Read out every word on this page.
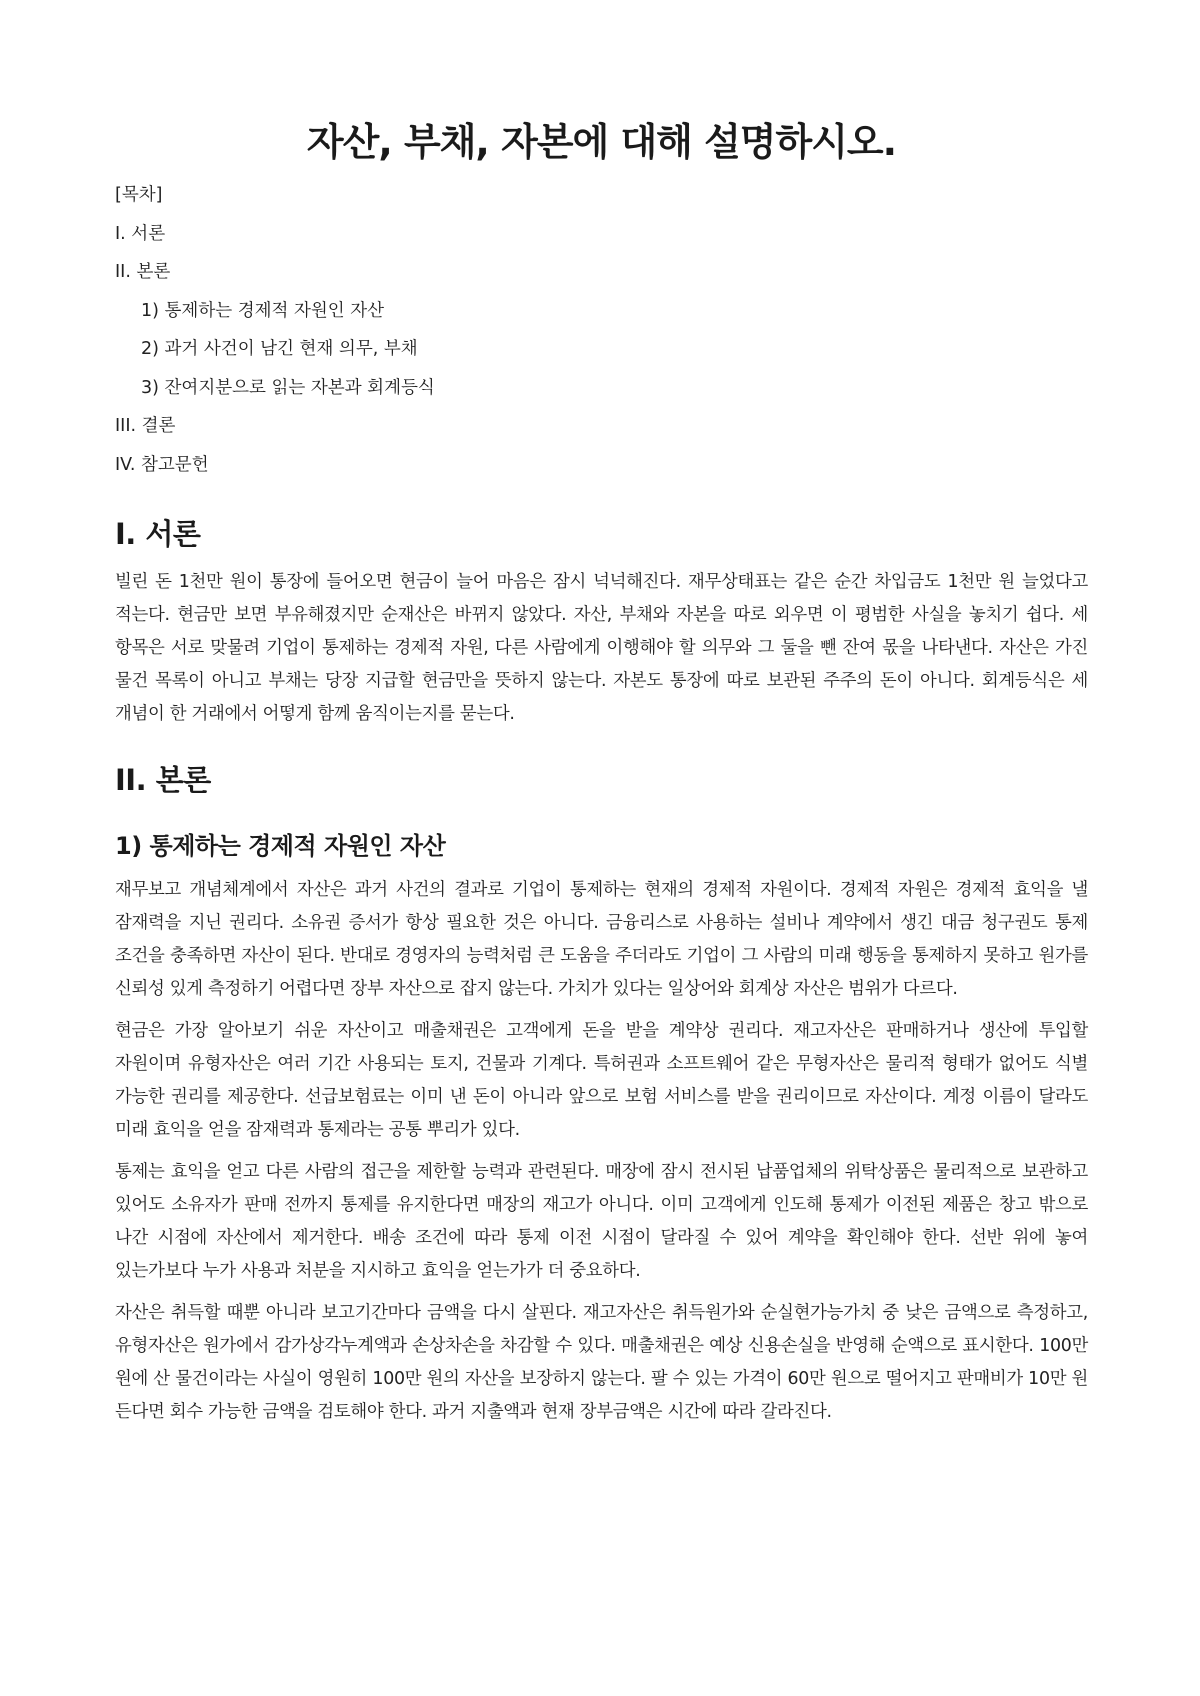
자산, 부채, 자본에 대해 설명하시오.
[목차]
I. 서론
II. 본론
1) 통제하는 경제적 자원인 자산
2) 과거 사건이 남긴 현재 의무, 부채
3) 잔여지분으로 읽는 자본과 회계등식
III. 결론
IV. 참고문헌
I. 서론

빌린 돈 1천만 원이 통장에 들어오면 현금이 늘어 마음은 잠시 넉넉해진다. 재무상태표는 같은 순간 차입금도 1천만 원 늘었다고 적는다. 현금만 보면 부유해졌지만 순재산은 바뀌지 않았다. 자산, 부채와 자본을 따로 외우면 이 평범한 사실을 놓치기 쉽다. 세 항목은 서로 맞물려 기업이 통제하는 경제적 자원, 다른 사람에게 이행해야 할 의무와 그 둘을 뺀 잔여 몫을 나타낸다. 자산은 가진 물건 목록이 아니고 부채는 당장 지급할 현금만을 뜻하지 않는다. 자본도 통장에 따로 보관된 주주의 돈이 아니다. 회계등식은 세 개념이 한 거래에서 어떻게 함께 움직이는지를 묻는다.

II. 본론
1) 통제하는 경제적 자원인 자산

재무보고 개념체계에서 자산은 과거 사건의 결과로 기업이 통제하는 현재의 경제적 자원이다. 경제적 자원은 경제적 효익을 낼 잠재력을 지닌 권리다. 소유권 증서가 항상 필요한 것은 아니다. 금융리스로 사용하는 설비나 계약에서 생긴 대금 청구권도 통제 조건을 충족하면 자산이 된다. 반대로 경영자의 능력처럼 큰 도움을 주더라도 기업이 그 사람의 미래 행동을 통제하지 못하고 원가를 신뢰성 있게 측정하기 어렵다면 장부 자산으로 잡지 않는다. 가치가 있다는 일상어와 회계상 자산은 범위가 다르다.

현금은 가장 알아보기 쉬운 자산이고 매출채권은 고객에게 돈을 받을 계약상 권리다. 재고자산은 판매하거나 생산에 투입할 자원이며 유형자산은 여러 기간 사용되는 토지, 건물과 기계다. 특허권과 소프트웨어 같은 무형자산은 물리적 형태가 없어도 식별 가능한 권리를 제공한다. 선급보험료는 이미 낸 돈이 아니라 앞으로 보험 서비스를 받을 권리이므로 자산이다. 계정 이름이 달라도 미래 효익을 얻을 잠재력과 통제라는 공통 뿌리가 있다.

통제는 효익을 얻고 다른 사람의 접근을 제한할 능력과 관련된다. 매장에 잠시 전시된 납품업체의 위탁상품은 물리적으로 보관하고 있어도 소유자가 판매 전까지 통제를 유지한다면 매장의 재고가 아니다. 이미 고객에게 인도해 통제가 이전된 제품은 창고 밖으로 나간 시점에 자산에서 제거한다. 배송 조건에 따라 통제 이전 시점이 달라질 수 있어 계약을 확인해야 한다. 선반 위에 놓여 있는가보다 누가 사용과 처분을 지시하고 효익을 얻는가가 더 중요하다.

자산은 취득할 때뿐 아니라 보고기간마다 금액을 다시 살핀다. 재고자산은 취득원가와 순실현가능가치 중 낮은 금액으로 측정하고, 유형자산은 원가에서 감가상각누계액과 손상차손을 차감할 수 있다. 매출채권은 예상 신용손실을 반영해 순액으로 표시한다. 100만 원에 산 물건이라는 사실이 영원히 100만 원의 자산을 보장하지 않는다. 팔 수 있는 가격이 60만 원으로 떨어지고 판매비가 10만 원 든다면 회수 가능한 금액을 검토해야 한다. 과거 지출액과 현재 장부금액은 시간에 따라 갈라진다.
